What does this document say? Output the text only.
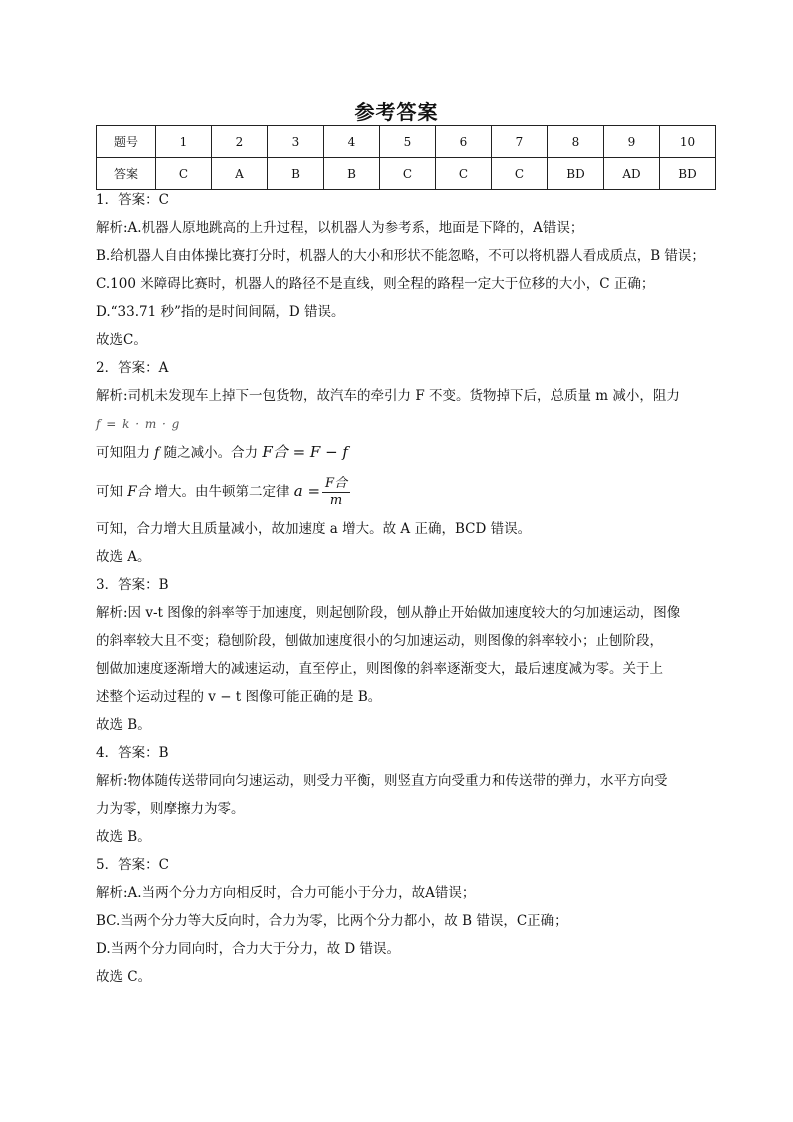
参考答案
题号	1	2	3	4	5	6	7	8	9	10
答案	C	A	B	B	C	C	C	BD	AD	BD
1．答案：C
解析:A.机器人原地跳高的上升过程，以机器人为参考系，地面是下降的，A错误；
B.给机器人自由体操比赛打分时，机器人的大小和形状不能忽略，不可以将机器人看成质点，B 错误；
C.100 米障碍比赛时，机器人的路径不是直线，则全程的路程一定大于位移的大小，C 正确；
D.“33.71 秒”指的是时间间隔，D 错误。
故选C。
2．答案：A
解析:司机未发现车上掉下一包货物，故汽车的牵引力 F 不变。货物掉下后，总质量 m 减小，阻力
f = k · m · g
可知阻力 f 随之减小。合力 F合 = F − f
可知 F合 增大。由牛顿第二定律 $a = \frac{\text{F合}}{m}$
可知，合力增大且质量减小，故加速度 a 增大。故 A 正确，BCD 错误。
故选 A。
3．答案：B
解析:因 v-t 图像的斜率等于加速度，则起刨阶段，刨从静止开始做加速度较大的匀加速运动，图像
的斜率较大且不变；稳刨阶段，刨做加速度很小的匀加速运动，则图像的斜率较小；止刨阶段，
刨做加速度逐渐增大的减速运动，直至停止，则图像的斜率逐渐变大，最后速度减为零。关于上
述整个运动过程的 v − t 图像可能正确的是 B。
故选 B。
4．答案：B
解析:物体随传送带同向匀速运动，则受力平衡，则竖直方向受重力和传送带的弹力，水平方向受
力为零，则摩擦力为零。
故选 B。
5．答案：C
解析:A.当两个分力方向相反时，合力可能小于分力，故A错误；
BC.当两个分力等大反向时，合力为零，比两个分力都小，故 B 错误，C正确；
D.当两个分力同向时，合力大于分力，故 D 错误。
故选 C。
